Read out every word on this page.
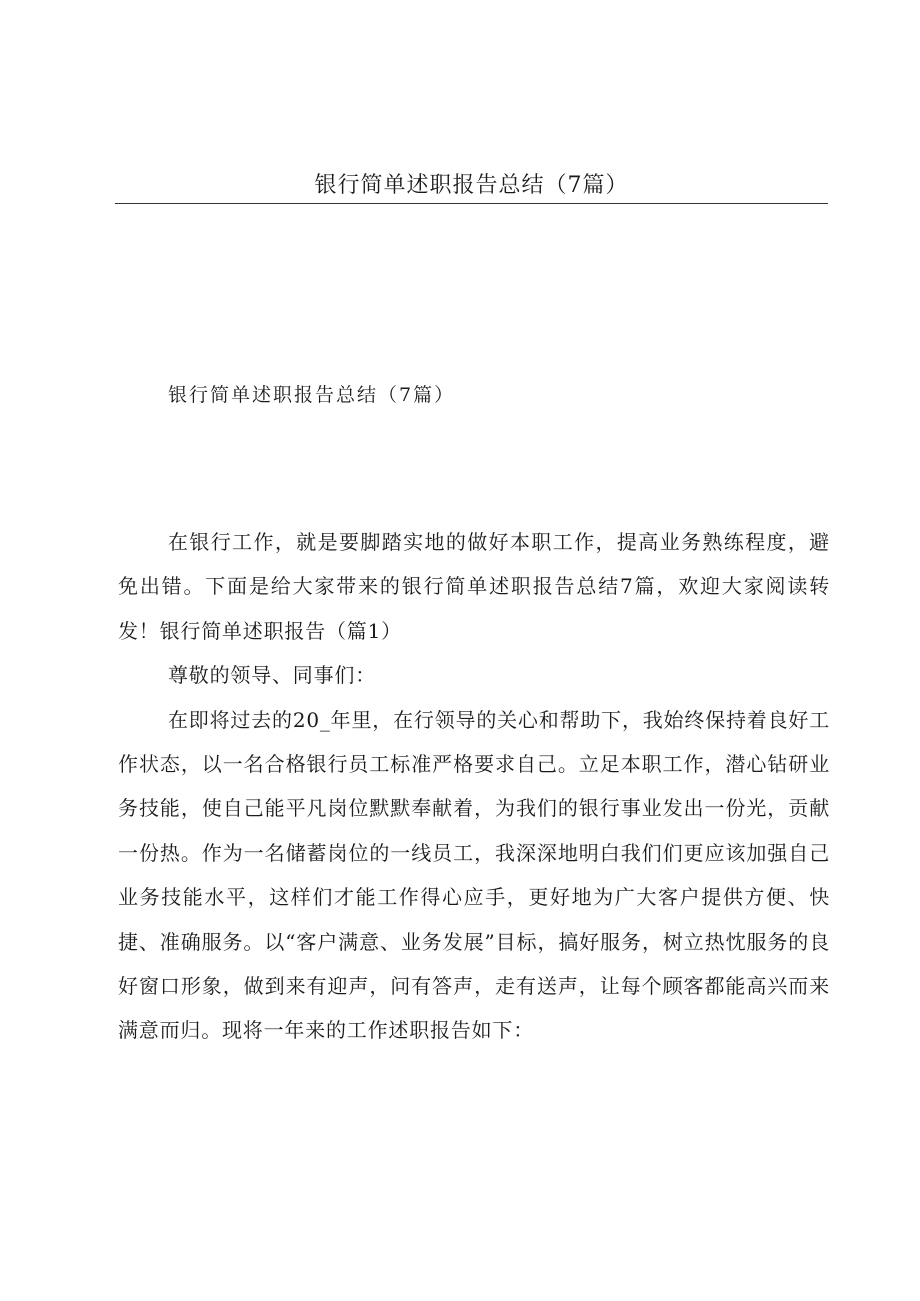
银行简单述职报告总结（7篇）
银行简单述职报告总结（7篇）

在银行工作，就是要脚踏实地的做好本职工作，提高业务熟练程度，避免出错。下面是给大家带来的银行简单述职报告总结7篇，欢迎大家阅读转发！银行简单述职报告（篇1）

尊敬的领导、同事们：

在即将过去的20_年里，在行领导的关心和帮助下，我始终保持着良好工作状态，以一名合格银行员工标准严格要求自己。立足本职工作，潜心钻研业务技能，使自己能平凡岗位默默奉献着，为我们的银行事业发出一份光，贡献一份热。作为一名储蓄岗位的一线员工，我深深地明白我们们更应该加强自己业务技能水平，这样们才能工作得心应手，更好地为广大客户提供方便、快捷、准确服务。以“客户满意、业务发展”目标，搞好服务，树立热忱服务的良好窗口形象，做到来有迎声，问有答声，走有送声，让每个顾客都能高兴而来满意而归。现将一年来的工作述职报告如下：
